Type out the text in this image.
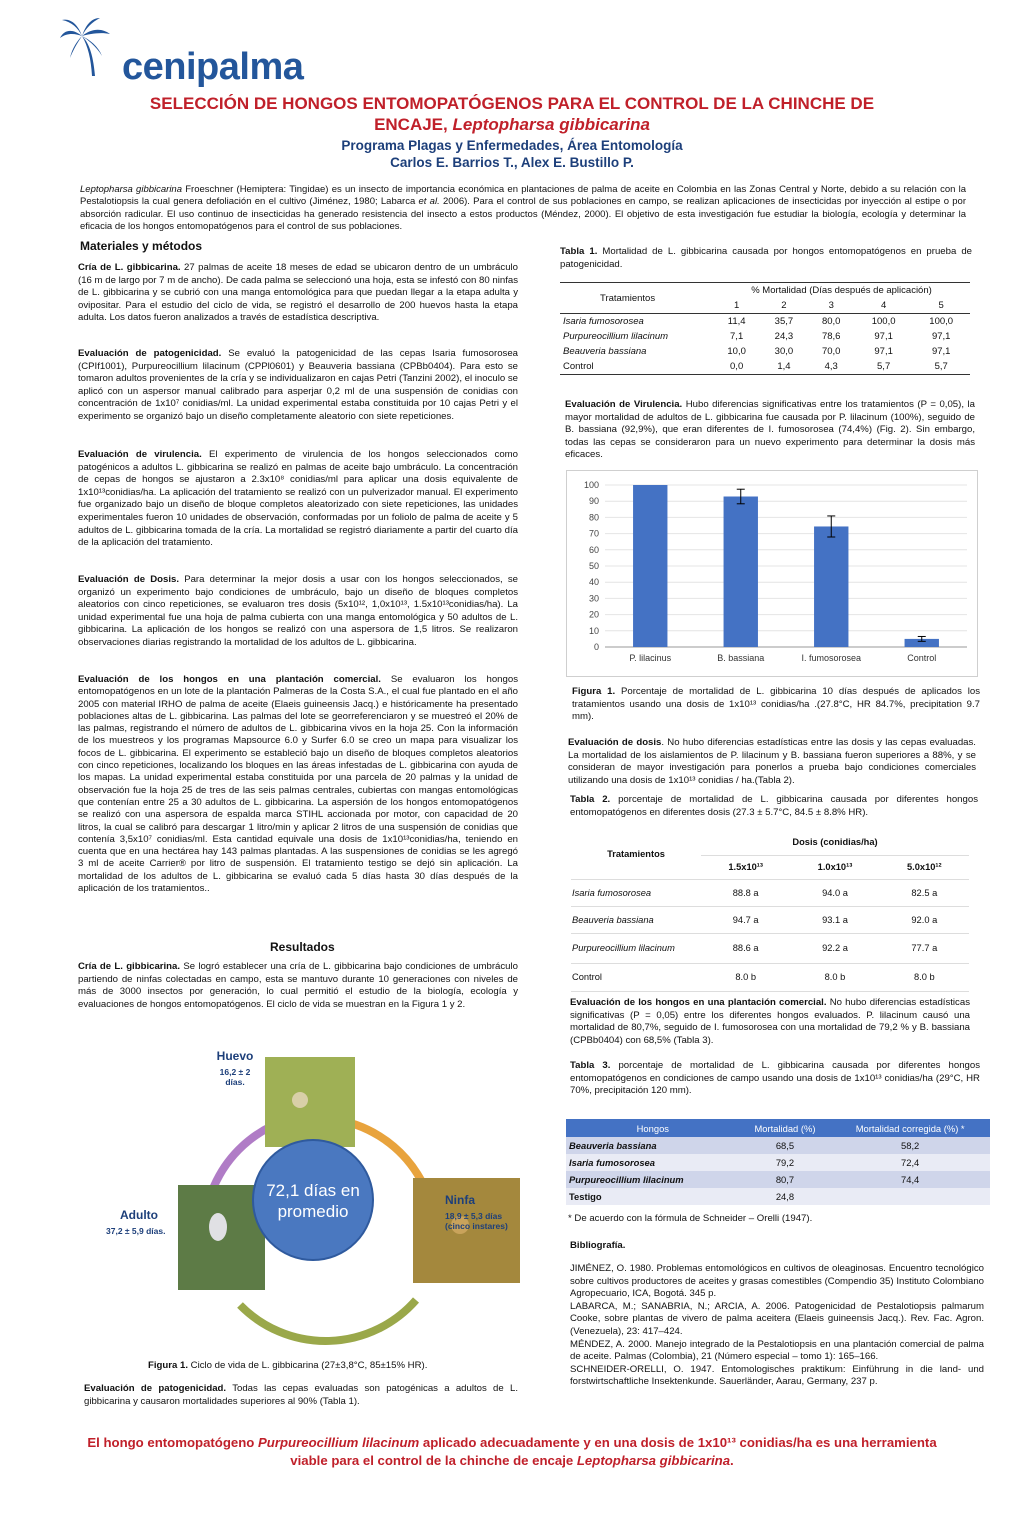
cenipalma
SELECCIÓN DE HONGOS ENTOMOPATÓGENOS PARA EL CONTROL DE LA CHINCHE DE
ENCAJE, Leptopharsa gibbicarina
Programa Plagas y Enfermedades, Área Entomología
Carlos E. Barrios T., Alex E. Bustillo P.
Leptopharsa gibbicarina Froeschner (Hemiptera: Tingidae) es un insecto de importancia económica en plantaciones de palma de aceite en Colombia en las Zonas Central y Norte, debido a su relación con la Pestalotiopsis la cual genera defoliación en el cultivo (Jiménez, 1980; Labarca et al. 2006). Para el control de sus poblaciones en campo, se realizan aplicaciones de insecticidas por inyección al estipe o por absorción radicular. El uso continuo de insecticidas ha generado resistencia del insecto a estos productos (Méndez, 2000). El objetivo de esta investigación fue estudiar la biología, ecología y determinar la eficacia de los hongos entomopatógenos para el control de sus poblaciones.
Materiales y métodos
Cría de L. gibbicarina. 27 palmas de aceite 18 meses de edad se ubicaron dentro de un umbráculo (16 m de largo por 7 m de ancho). De cada palma se seleccionó una hoja, esta se infestó con 80 ninfas de L. gibbicarina y se cubrió con una manga entomológica para que puedan llegar a la etapa adulta y ovipositar. Para el estudio del ciclo de vida, se registró el desarrollo de 200 huevos hasta la etapa adulta. Los datos fueron analizados a través de estadística descriptiva.
Evaluación de patogenicidad. Se evaluó la patogenicidad de las cepas Isaria fumosorosea (CPIf1001), Purpureocillium lilacinum (CPPl0601) y Beauveria bassiana (CPBb0404). Para esto se tomaron adultos provenientes de la cría y se individualizaron en cajas Petri (Tanzini 2002), el inoculo se aplicó con un aspersor manual calibrado para asperjar 0,2 ml de una suspensión de conidias con concentración de 1x10⁷ conidias/ml. La unidad experimental estaba constituida por 10 cajas Petri y el experimento se organizó bajo un diseño completamente aleatorio con siete repeticiones.
Evaluación de virulencia. El experimento de virulencia de los hongos seleccionados como patogénicos a adultos L. gibbicarina se realizó en palmas de aceite bajo umbráculo. La concentración de cepas de hongos se ajustaron a 2.3x10⁸ conidias/ml para aplicar una dosis equivalente de 1x10¹³conidias/ha. La aplicación del tratamiento se realizó con un pulverizador manual. El experimento fue organizado bajo un diseño de bloque completos aleatorizado con siete repeticiones, las unidades experimentales fueron 10 unidades de observación, conformadas por un foliolo de palma de aceite y 5 adultos de L. gibbicarina tomada de la cría. La mortalidad se registró diariamente a partir del cuarto día de la aplicación del tratamiento.
Evaluación de Dosis. Para determinar la mejor dosis a usar con los hongos seleccionados, se organizó un experimento bajo condiciones de umbráculo, bajo un diseño de bloques completos aleatorios con cinco repeticiones, se evaluaron tres dosis (5x10¹², 1,0x10¹³, 1.5x10¹³conidias/ha). La unidad experimental fue una hoja de palma cubierta con una manga entomológica y 50 adultos de L. gibbicarina. La aplicación de los hongos se realizó con una aspersora de 1,5 litros. Se realizaron observaciones diarias registrando la mortalidad de los adultos de L. gibbicarina.
Evaluación de los hongos en una plantación comercial. Se evaluaron los hongos entomopatógenos en un lote de la plantación Palmeras de la Costa S.A., el cual fue plantado en el año 2005 con material IRHO de palma de aceite (Elaeis guineensis Jacq.) e históricamente ha presentado poblaciones altas de L. gibbicarina. Las palmas del lote se georreferenciaron y se muestreó el 20% de las palmas, registrando el número de adultos de L. gibbicarina vivos en la hoja 25. Con la información de los muestreos y los programas Mapsource 6.0 y Surfer 6.0 se creo un mapa para visualizar los focos de L. gibbicarina. El experimento se estableció bajo un diseño de bloques completos aleatorios con cinco repeticiones, localizando los bloques en las áreas infestadas de L. gibbicarina con ayuda de los mapas. La unidad experimental estaba constituida por una parcela de 20 palmas y la unidad de observación fue la hoja 25 de tres de las seis palmas centrales, cubiertas con mangas entomológicas que contenían entre 25 a 30 adultos de L. gibbicarina. La aspersión de los hongos entomopatógenos se realizó con una aspersora de espalda marca STIHL accionada por motor, con capacidad de 20 litros, la cual se calibró para descargar 1 litro/min y aplicar 2 litros de una suspensión de conidias que contenía 3,5x10⁷ conidias/ml. Esta cantidad equivale una dosis de 1x10¹³conidias/ha, teniendo en cuenta que en una hectárea hay 143 palmas plantadas. A las suspensiones de conidias se les agregó 3 ml de aceite Carrier® por litro de suspensión. El tratamiento testigo se dejó sin aplicación. La mortalidad de los adultos de L. gibbicarina se evaluó cada 5 días hasta 30 días después de la aplicación de los tratamientos..
Resultados
Cría de L. gibbicarina. Se logró establecer una cría de L. gibbicarina bajo condiciones de umbráculo partiendo de ninfas colectadas en campo, esta se mantuvo durante 10 generaciones con niveles de más de 3000 insectos por generación, lo cual permitió el estudio de la biología, ecología y evaluaciones de hongos entomopatógenos. El ciclo de vida se muestran en la Figura 1 y 2.
72,1 días en promedio
Huevo
16,2 ± 2 días.
Ninfa
18,9 ± 5,3 días (cinco instares)
Adulto
37,2 ± 5,9 días.
Figura 1. Ciclo de vida de L. gibbicarina (27±3,8°C, 85±15% HR).
Evaluación de patogenicidad. Todas las cepas evaluadas son patogénicas a adultos de L. gibbicarina y causaron mortalidades superiores al 90% (Tabla 1).
Tabla 1. Mortalidad de L. gibbicarina causada por hongos entomopatógenos en prueba de patogenicidad.
Tratamientos	% Mortalidad (Días después de aplicación)				
	1	2	3	4	5
Isaria fumosorosea	11,4	35,7	80,0	100,0	100,0
Purpureocillium lilacinum	7,1	24,3	78,6	97,1	97,1
Beauveria bassiana	10,0	30,0	70,0	97,1	97,1
Control	0,0	1,4	4,3	5,7	5,7
Evaluación de Virulencia. Hubo diferencias significativas entre los tratamientos (P = 0,05), la mayor mortalidad de adultos de L. gibbicarina fue causada por P. lilacinum (100%), seguido de B. bassiana (92,9%), que eran diferentes de I. fumosorosea (74,4%) (Fig. 2). Sin embargo, todas las cepas se consideraron para un nuevo experimento para determinar la dosis más eficaces.
0
10
20
30
40
50
60
70
80
90
100
P. lilacinus	B. bassiana	I. fumosorosea	Control
Figura 1. Porcentaje de mortalidad de L. gibbicarina 10 días después de aplicados los tratamientos usando una dosis de 1x10¹³ conidias/ha .(27.8°C, HR 84.7%, precipitation 9.7 mm).
Evaluación de dosis. No hubo diferencias estadísticas entre las dosis y las cepas evaluadas. La mortalidad de los aislamientos de P. lilacinum y B. bassiana fueron superiores a 88%, y se consideran de mayor investigación para ponerlos a prueba bajo condiciones comerciales utilizando una dosis de 1x10¹³ conidias / ha.(Tabla 2).
Tabla 2. porcentaje de mortalidad de L. gibbicarina causada por diferentes hongos entomopatógenos en diferentes dosis (27.3 ± 5.7°C, 84.5 ± 8.8% HR).
Tratamientos	Dosis (conidias/ha)		
	1.5x10¹³	1.0x10¹³	5.0x10¹²
Isaria fumosorosea	88.8 a	94.0 a	82.5 a
Beauveria bassiana	94.7 a	93.1 a	92.0 a
Purpureocillium lilacinum	88.6 a	92.2 a	77.7 a
Control	8.0 b	8.0 b	8.0 b
Evaluación de los hongos en una plantación comercial. No hubo diferencias estadísticas significativas (P = 0,05) entre los diferentes hongos evaluados. P. lilacinum causó una mortalidad de 80,7%, seguido de I. fumosorosea con una mortalidad de 79,2 % y B. bassiana (CPBb0404) con 68,5% (Tabla 3).
Tabla 3. porcentaje de mortalidad de L. gibbicarina causada por diferentes hongos entomopatógenos en condiciones de campo usando una dosis de 1x10¹³ conidias/ha (29°C, HR 70%, precipitación 120 mm).
Hongos	Mortalidad (%)	Mortalidad corregida (%) *
Beauveria bassiana	68,5	58,2
Isaria fumosorosea	79,2	72,4
Purpureocillium lilacinum	80,7	74,4
Testigo	24,8	
* De acuerdo con la fórmula de Schneider – Orelli (1947).
Bibliografía.
JIMÉNEZ, O. 1980. Problemas entomológicos en cultivos de oleaginosas. Encuentro tecnológico sobre cultivos productores de aceites y grasas comestibles (Compendio 35) Instituto Colombiano Agropecuario, ICA, Bogotá. 345 p.
LABARCA, M.; SANABRIA, N.; ARCIA, A. 2006. Patogenicidad de Pestalotiopsis palmarum Cooke, sobre plantas de vivero de palma aceitera (Elaeis guineensis Jacq.). Rev. Fac. Agron. (Venezuela), 23: 417–424.
MÉNDEZ, A. 2000. Manejo integrado de la Pestalotiopsis en una plantación comercial de palma de aceite. Palmas (Colombia), 21 (Número especial – tomo 1): 165–166.
SCHNEIDER-ORELLI, O. 1947. Entomologisches praktikum: Einführung in die land- und forstwirtschaftliche Insektenkunde. Sauerländer, Aarau, Germany, 237 p.
El hongo entomopatógeno Purpureocillium lilacinum aplicado adecuadamente y en una dosis de 1x10¹³ conidias/ha es una herramienta viable para el control de la chinche de encaje Leptopharsa gibbicarina.
